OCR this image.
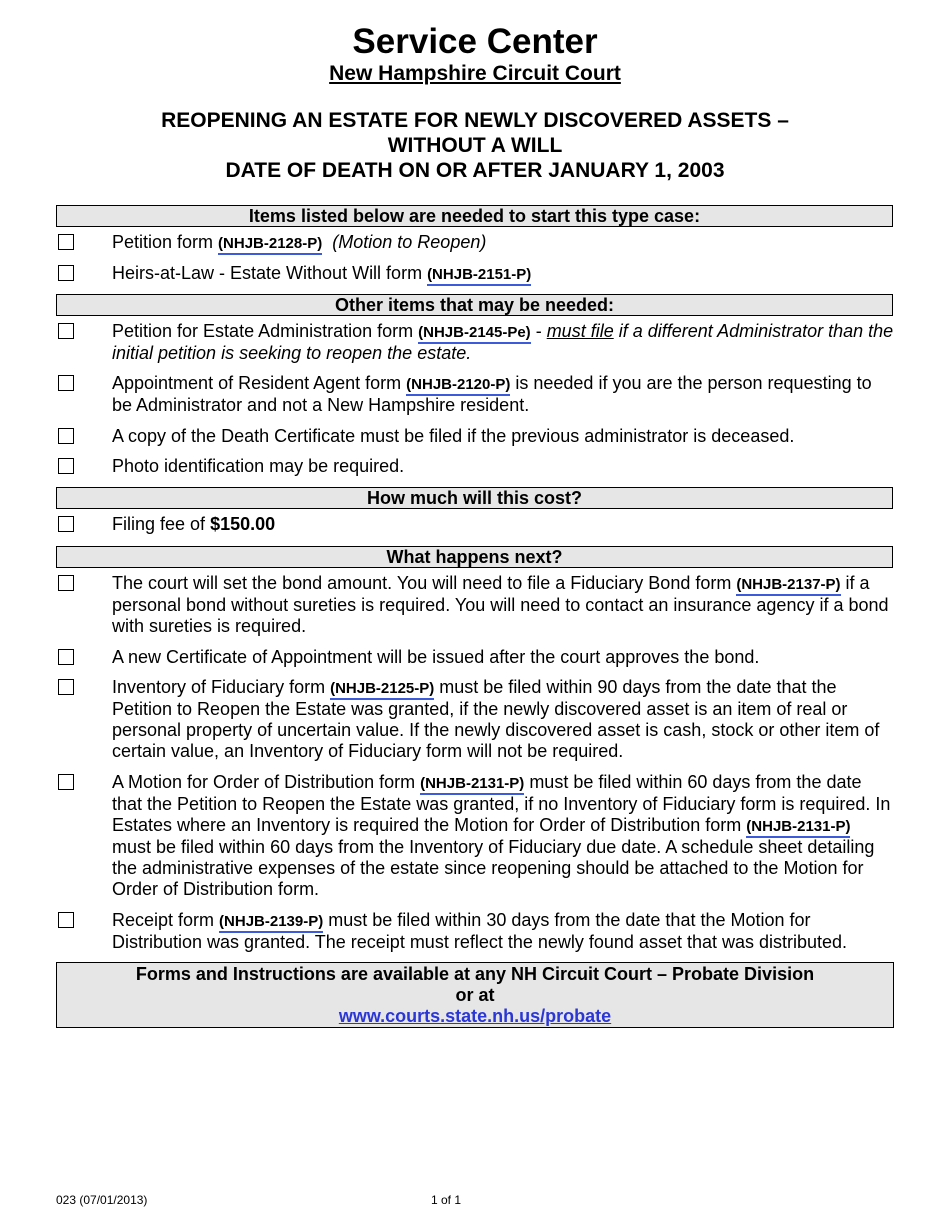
Service Center
New Hampshire Circuit Court
REOPENING AN ESTATE FOR NEWLY DISCOVERED ASSETS –
WITHOUT A WILL
DATE OF DEATH ON OR AFTER JANUARY 1, 2003
Items listed below are needed to start this type case:
Petition form (NHJB-2128-P) (Motion to Reopen)
Heirs-at-Law - Estate Without Will form (NHJB-2151-P)
Other items that may be needed:
Petition for Estate Administration form (NHJB-2145-Pe) - must file if a different Administrator than the initial petition is seeking to reopen the estate.
Appointment of Resident Agent form (NHJB-2120-P) is needed if you are the person requesting to be Administrator and not a New Hampshire resident.
A copy of the Death Certificate must be filed if the previous administrator is deceased.
Photo identification may be required.
How much will this cost?
Filing fee of $150.00
What happens next?
The court will set the bond amount. You will need to file a Fiduciary Bond form (NHJB-2137-P) if a personal bond without sureties is required. You will need to contact an insurance agency if a bond with sureties is required.
A new Certificate of Appointment will be issued after the court approves the bond.
Inventory of Fiduciary form (NHJB-2125-P) must be filed within 90 days from the date that the Petition to Reopen the Estate was granted, if the newly discovered asset is an item of real or personal property of uncertain value. If the newly discovered asset is cash, stock or other item of certain value, an Inventory of Fiduciary form will not be required.
A Motion for Order of Distribution form (NHJB-2131-P) must be filed within 60 days from the date that the Petition to Reopen the Estate was granted, if no Inventory of Fiduciary form is required. In Estates where an Inventory is required the Motion for Order of Distribution form (NHJB-2131-P) must be filed within 60 days from the Inventory of Fiduciary due date. A schedule sheet detailing the administrative expenses of the estate since reopening should be attached to the Motion for Order of Distribution form.
Receipt form (NHJB-2139-P) must be filed within 30 days from the date that the Motion for Distribution was granted. The receipt must reflect the newly found asset that was distributed.
Forms and Instructions are available at any NH Circuit Court – Probate Division
or at
www.courts.state.nh.us/probate
023 (07/01/2013)	1 of 1
